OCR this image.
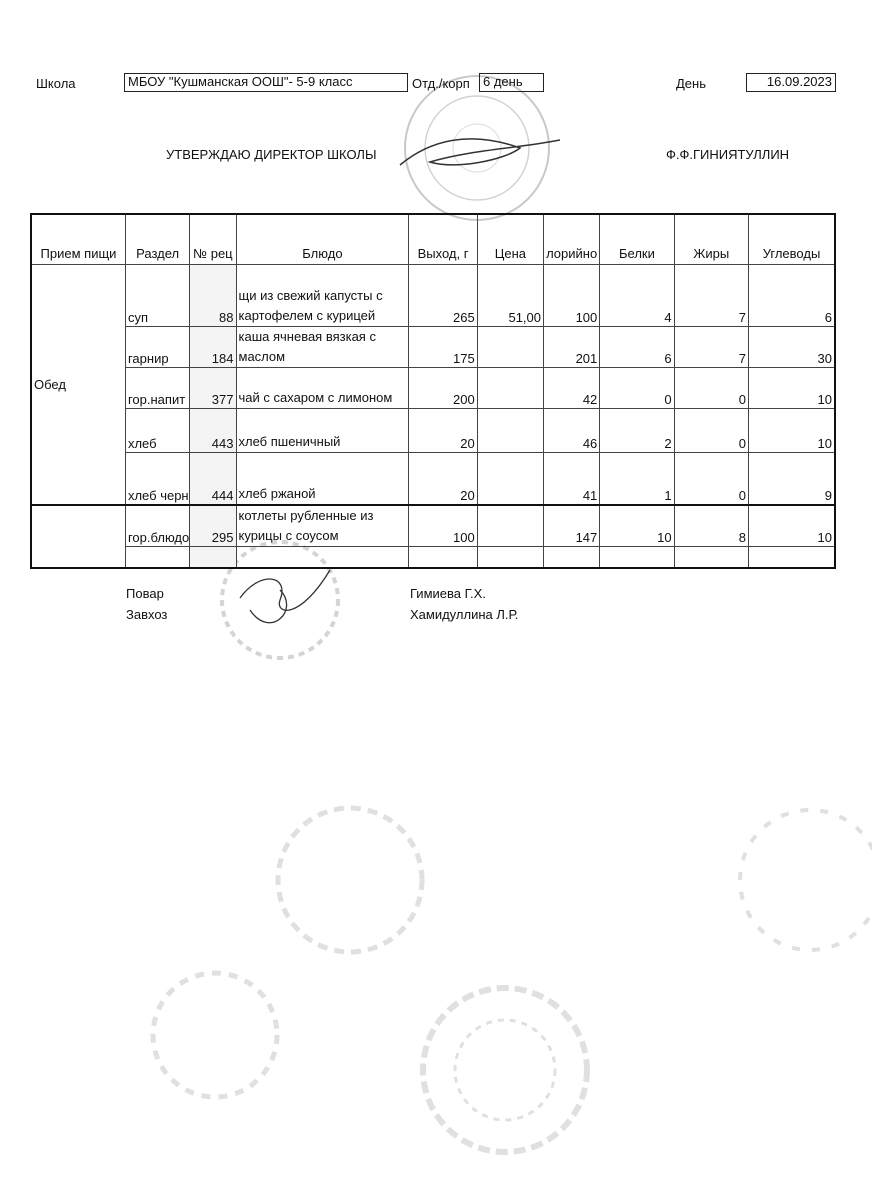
Школа	МБОУ "Кушманская ООШ"- 5-9 класс	Отд./корп	6 день	День	16.09.2023
УТВЕРЖДАЮ ДИРЕКТОР ШКОЛЫ	Ф.Ф.ГИНИЯТУЛЛИН
Прием пищи	Раздел	№ рец	Блюдо	Выход, г	Цена	лорийно	Белки	Жиры	Углеводы
Обед	суп	88	щи из свежий капусты с картофелем с курицей	265	51,00	100	4	7	6
	гарнир	184	каша ячневая вязкая с маслом	175		201	6	7	30
	гор.напит	377	чай с сахаром с лимоном	200		42	0	0	10
	хлеб	443	хлеб пшеничный	20		46	2	0	10
	хлеб черн	444	хлеб ржаной	20		41	1	0	9
	гор.блюдо	295	котлеты рубленные из курицы с соусом	100		147	10	8	10

Повар	Гимиева Г.Х.
Завхоз	Хамидуллина Л.Р.
